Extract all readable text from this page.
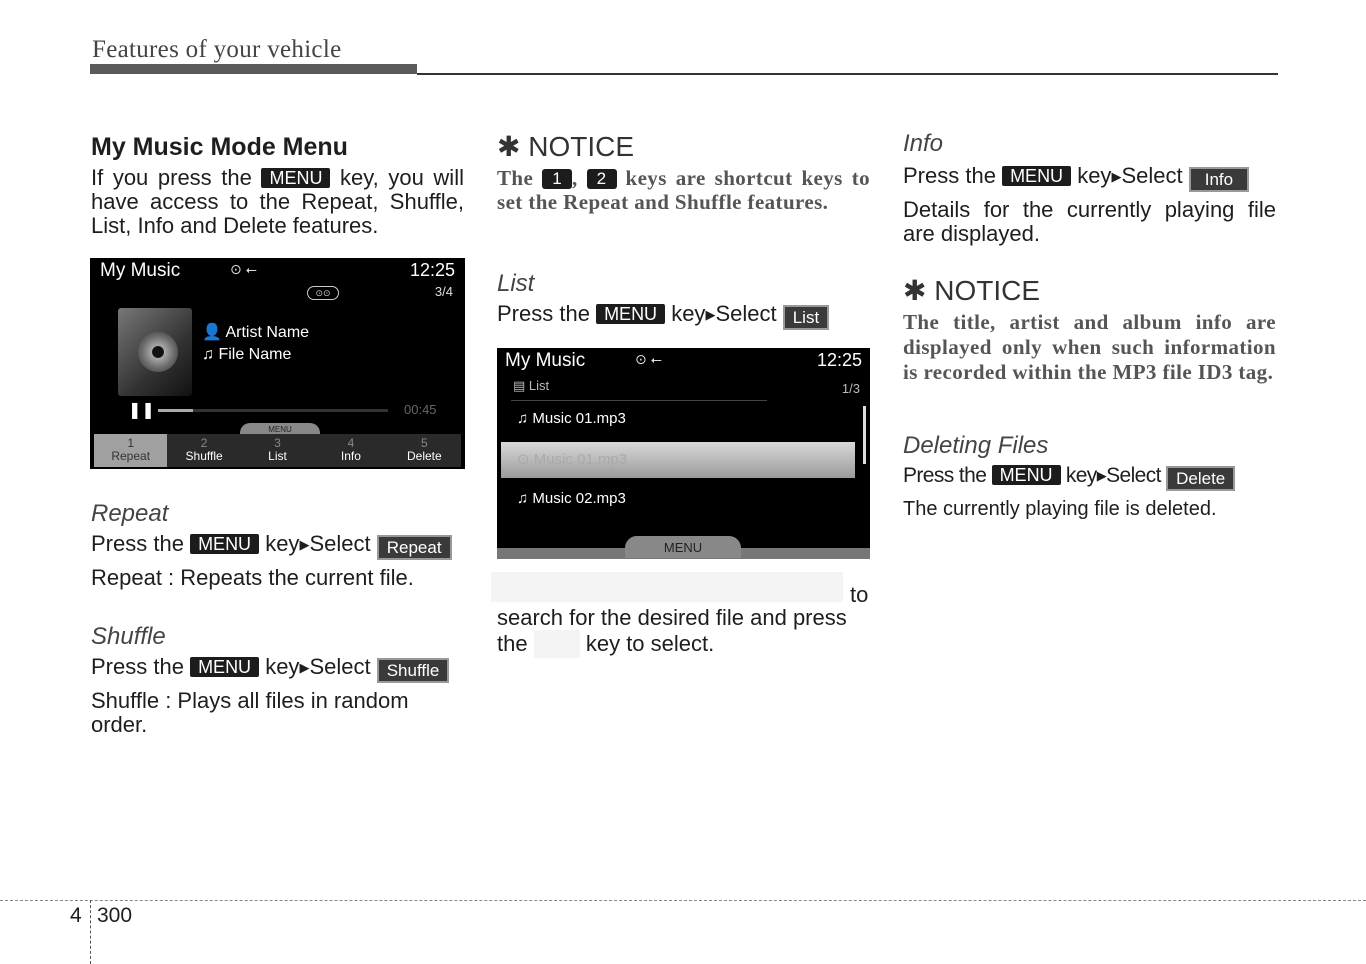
Features of your vehicle
My Music Mode Menu
If you press the MENU key, you will have access to the Repeat, Shuffle, List, Info and Delete features.
My Music	⊙ ⭠	12:25
⊙⊙	3/4
👤 Artist Name
♫ File Name
❚❚	00:45
MENU
1
Repeat
2
Shuffle
3
List
4
Info
5
Delete
Repeat
Press the MENU key▶Select Repeat
Repeat : Repeats the current file.
Shuffle
Press the MENU key▶Select Shuffle
Shuffle : Plays all files in random order.
✱ NOTICE
The 1 , 2 keys are shortcut keys to set the Repeat and Shuffle features.
List
Press the MENU key▶Select List
My Music	⊙ ⭠	12:25
▤ List	1/3
♫ Music 01.mp3
⊙ Music 01.mp3
♫ Music 02.mp3
MENU
to
search for the desired file and press
the	key to select.
Info
Press the MENU key▶Select Info
Details for the currently playing file are displayed.
✱ NOTICE
The title, artist and album info are displayed only when such information is recorded within the MP3 file ID3 tag.
Deleting Files
Press the MENU key▶Select Delete
The currently playing file is deleted.
4 300
